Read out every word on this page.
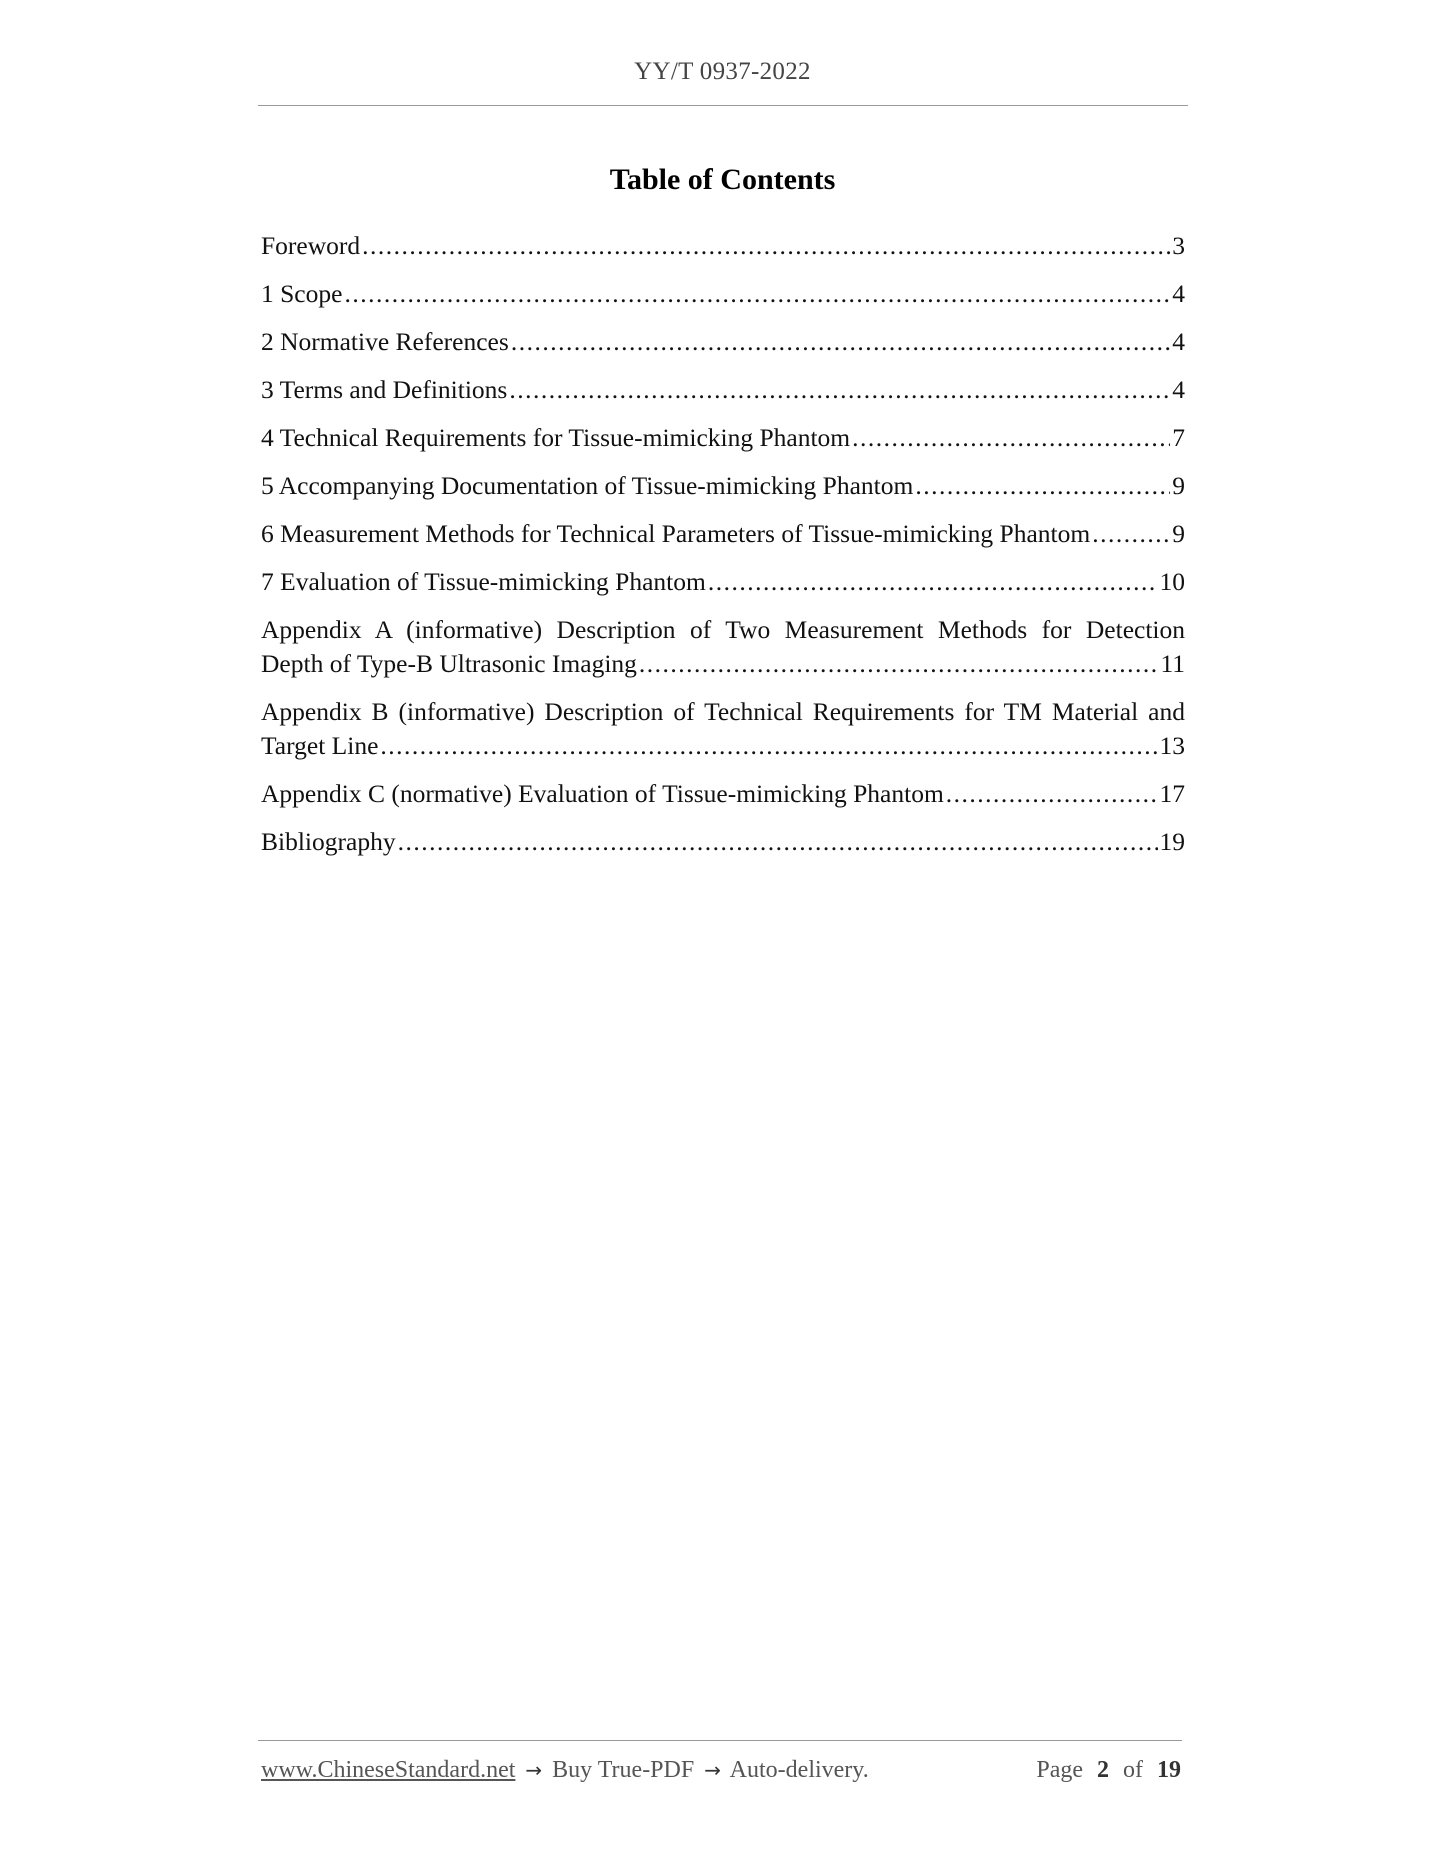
YY/T 0937-2022
Table of Contents
Foreword .....	3
1 Scope .....	4
2 Normative References .....	4
3 Terms and Definitions .....	4
4 Technical Requirements for Tissue-mimicking Phantom .....	7
5 Accompanying Documentation of Tissue-mimicking Phantom .....	9
6 Measurement Methods for Technical Parameters of Tissue-mimicking Phantom .....	9
7 Evaluation of Tissue-mimicking Phantom .....	10
Appendix A (informative) Description of Two Measurement Methods for Detection
Depth of Type-B Ultrasonic Imaging .....	11
Appendix B (informative) Description of Technical Requirements for TM Material and
Target Line .....	13
Appendix C (normative) Evaluation of Tissue-mimicking Phantom .....	17
Bibliography .....	19
www.ChineseStandard.net → Buy True-PDF → Auto-delivery.	Page 2 of 19
